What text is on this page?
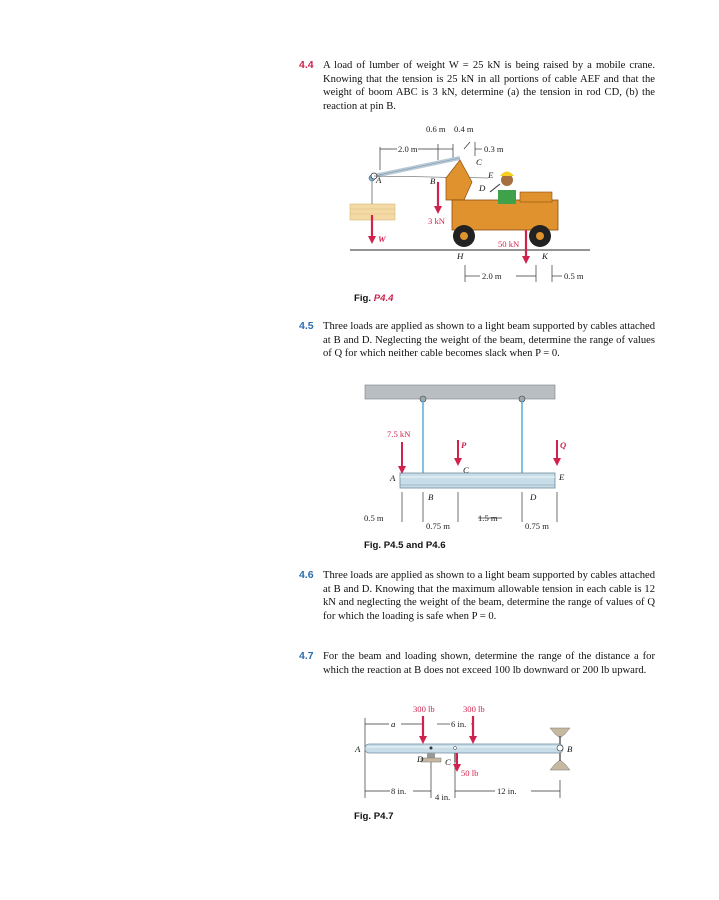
4.4 A load of lumber of weight W = 25 kN is being raised by a mobile crane. Knowing that the tension is 25 kN in all portions of cable AEF and that the weight of boom ABC is 3 kN, determine (a) the tension in rod CD, (b) the reaction at pin B.
0.6 m 0.4 m
2.0 m	0.3 m
2.0 m	0.5 m
W
A	B
C
E
D
3 kN
H	K
50 kN
Fig. P4.4
4.5 Three loads are applied as shown to a light beam supported by cables attached at B and D. Neglecting the weight of the beam, determine the range of values of Q for which neither cable becomes slack when P = 0.
7.5 kN
P	Q
A
B
C
D
E
0.5 m
0.75 m
1.5 m
0.75 m
Fig. P4.5 and P4.6
4.6 Three loads are applied as shown to a light beam supported by cables attached at B and D. Knowing that the maximum allowable tension in each cable is 12 kN and neglecting the weight of the beam, determine the range of values of Q for which the loading is safe when P = 0.
4.7 For the beam and loading shown, determine the range of the distance a for which the reaction at B does not exceed 100 lb downward or 200 lb upward.
a	6 in.
300 lb	300 lb
50 lb
A	B
D C
8 in.
4 in.
12 in.
Fig. P4.7
